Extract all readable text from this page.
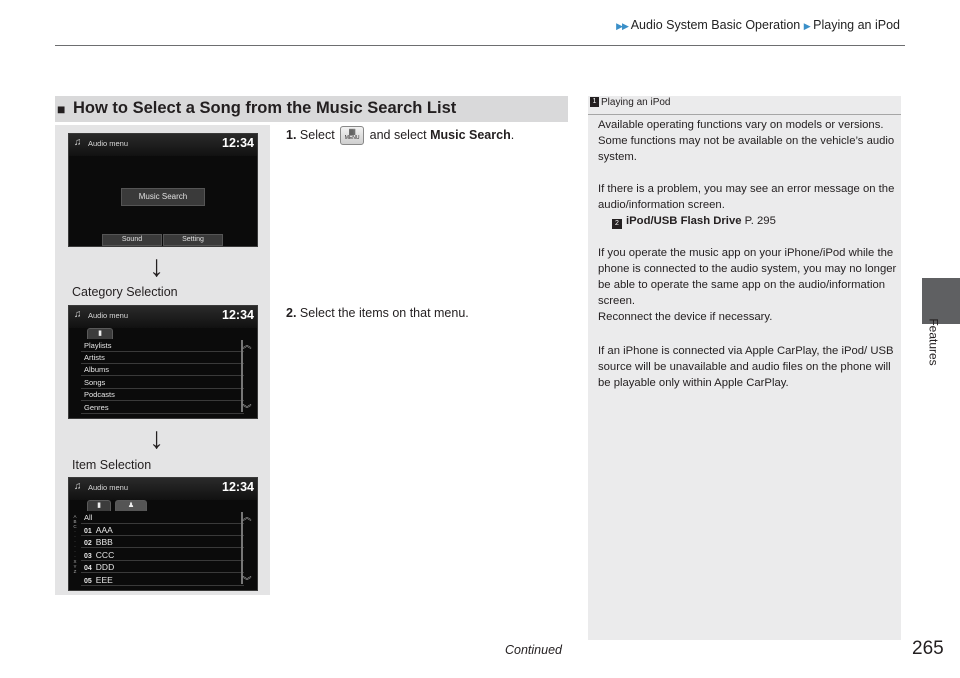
▶▶ Audio System Basic Operation ▶ Playing an iPod
Features
■ How to Select a Song from the Music Search List
♫ Audio menu	12:34
Music Search
Sound	Setting
↓
Category Selection
♫ Audio menu	12:34
▮
Playlists
Artists
Albums
Songs
Podcasts
Genres
︽
︾
↓
Item Selection
♫ Audio menu	12:34
▮	♟
A
B
C
·
·
·
·
·
·
X
Y
Z
All
01 AAA
02 BBB
03 CCC
04 DDD
05 EEE
︽
︾
1. Select	▦
MENU and select Music Search.
2. Select the items on that menu.
1 Playing an iPod
Available operating functions vary on models or versions. Some functions may not be available on the vehicle’s audio system.
If there is a problem, you may see an error message on the audio/information screen.
2 iPod/USB Flash Drive P. 295
If you operate the music app on your iPhone/iPod while the phone is connected to the audio system, you may no longer be able to operate the same app on the audio/information screen.
Reconnect the device if necessary.
If an iPhone is connected via Apple CarPlay, the iPod/ USB source will be unavailable and audio files on the phone will be playable only within Apple CarPlay.
Continued	265
